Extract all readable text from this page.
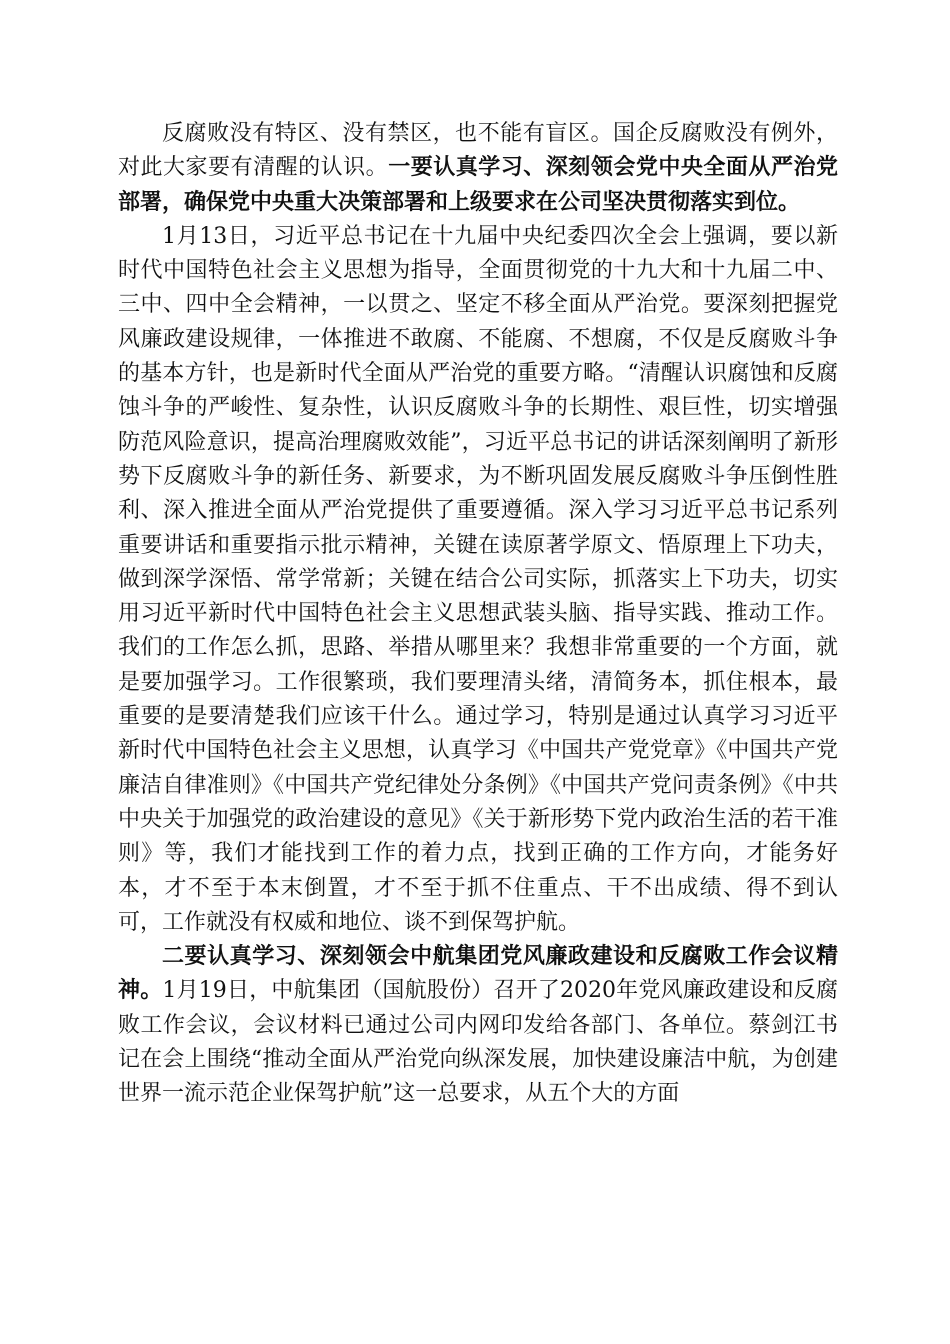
反腐败没有特区、没有禁区，也不能有盲区。国企反腐败没有例外，对此大家要有清醒的认识。一要认真学习、深刻领会党中央全面从严治党部署，确保党中央重大决策部署和上级要求在公司坚决贯彻落实到位。

1月13日，习近平总书记在十九届中央纪委四次全会上强调，要以新时代中国特色社会主义思想为指导，全面贯彻党的十九大和十九届二中、三中、四中全会精神，一以贯之、坚定不移全面从严治党。要深刻把握党风廉政建设规律，一体推进不敢腐、不能腐、不想腐，不仅是反腐败斗争的基本方针，也是新时代全面从严治党的重要方略。“清醒认识腐蚀和反腐蚀斗争的严峻性、复杂性，认识反腐败斗争的长期性、艰巨性，切实增强防范风险意识，提高治理腐败效能”，习近平总书记的讲话深刻阐明了新形势下反腐败斗争的新任务、新要求，为不断巩固发展反腐败斗争压倒性胜利、深入推进全面从严治党提供了重要遵循。深入学习习近平总书记系列重要讲话和重要指示批示精神，关键在读原著学原文、悟原理上下功夫，做到深学深悟、常学常新；关键在结合公司实际，抓落实上下功夫，切实用习近平新时代中国特色社会主义思想武装头脑、指导实践、推动工作。我们的工作怎么抓，思路、举措从哪里来？我想非常重要的一个方面，就是要加强学习。工作很繁琐，我们要理清头绪，清简务本，抓住根本，最重要的是要清楚我们应该干什么。通过学习，特别是通过认真学习习近平新时代中国特色社会主义思想，认真学习《中国共产党党章》《中国共产党廉洁自律准则》《中国共产党纪律处分条例》《中国共产党问责条例》《中共中央关于加强党的政治建设的意见》《关于新形势下党内政治生活的若干准则》等，我们才能找到工作的着力点，找到正确的工作方向，才能务好本，才不至于本末倒置，才不至于抓不住重点、干不出成绩、得不到认可，工作就没有权威和地位、谈不到保驾护航。

二要认真学习、深刻领会中航集团党风廉政建设和反腐败工作会议精神。1月19日，中航集团（国航股份）召开了2020年党风廉政建设和反腐败工作会议，会议材料已通过公司内网印发给各部门、各单位。蔡剑江书记在会上围绕“推动全面从严治党向纵深发展，加快建设廉洁中航，为创建世界一流示范企业保驾护航”这一总要求，从五个大的方面
